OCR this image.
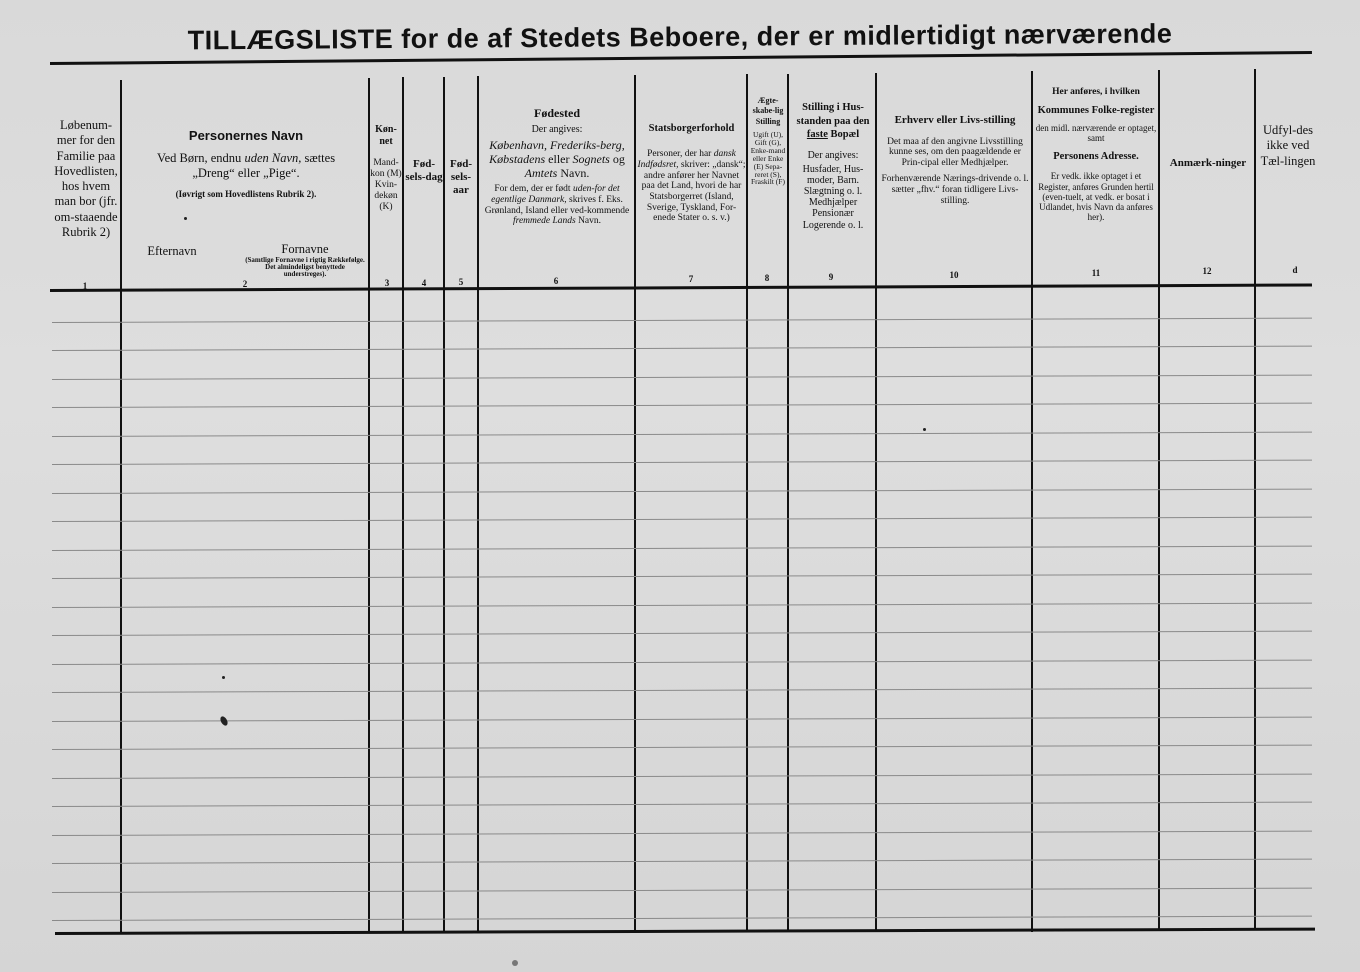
TILLÆGSLISTE for de af Stedets Beboere, der er midlertidigt nærværende
Løbenum-mer for den Familie paa Hovedlisten, hos hvem man bor (jfr. om-staaende Rubrik 2)
Personernes Navn
Ved Børn, endnu uden Navn, sættes
„Dreng“ eller „Pige“.
(Iøvrigt som Hovedlistens Rubrik 2).
Efternavn	Fornavne
(Samtlige Fornavne i rigtig Rækkefølge. Det almindeligst benyttede understreges).
Køn-net
Mand-kon (M) Kvin-dekøn (K)
Fød-sels-dag
Fød-sels-aar
Fødested
Der angives:
København, Frederiks-berg, Købstadens eller Sognets og Amtets Navn.
For dem, der er født uden-for det egentlige Danmark, skrives f. Eks. Grønland, Island eller ved-kommende fremmede Lands Navn.
Statsborgerforhold
Personer, der har dansk Indfødsret, skriver: „dansk“; andre anfører her Navnet paa det Land, hvori de har Statsborgerret (Island, Sverige, Tyskland, For-enede Stater o. s. v.)
Ægte-skabe-lig Stilling
Ugift (U), Gift (G), Enke-mand eller Enke (E) Sepa-reret (S), Fraskilt (F)
Stilling i Hus-standen paa den faste Bopæl
Der angives:
Husfader, Hus-moder, Barn. Slægtning o. l. Medhjælper Pensionær Logerende o. l.
Erhverv eller Livs-stilling
Det maa af den angivne Livsstilling kunne ses, om den paagældende er Prin-cipal eller Medhjælper.
Forhenværende Nærings-drivende o. l. sætter „fhv.“ foran tidligere Livs-stilling.
Her anføres, i hvilken
Kommunes Folke-register
den midl. nærværende er optaget, samt
Personens Adresse.
Er vedk. ikke optaget i et Register, anføres Grunden hertil (even-tuelt, at vedk. er bosat i Udlandet, hvis Navn da anføres her).
Anmærk-ninger
Udfyl-des ikke ved Tæl-lingen
1	2	3	4	5	6	7	8	9	10	11	12	d
